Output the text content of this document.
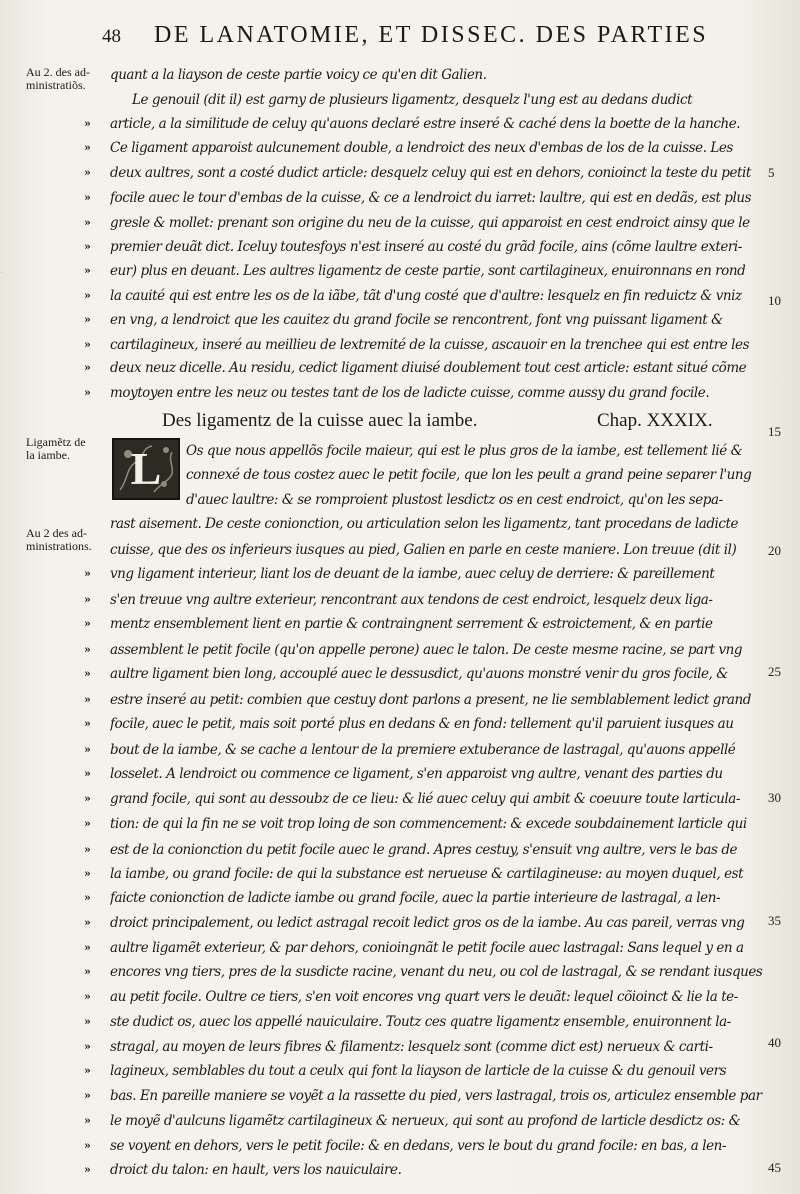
48 DE LANATOMIE, ET DISSEC. DES PARTIES
Au 2. des ad-
ministratiõs.
Ligamẽtz de
la iambe.
Au 2 des ad-
ministrations.
·
»
»
»
»
»
»
»
»
»
»
»
»
»
»
»
»
»
»
»
»
»
»
»
»
»
»
»
»
»
»
»
»
»
»
»
»
»
5
10
15
20
25
30
35
40
45
Des ligamentz de la cuisse auec la iambe.	Chap. XXXIX.
L
quant a la liayson de ceste partie voicy ce qu'en dit Galien.
Le genouil (dit il) est garny de plusieurs ligamentz, desquelz l'ung est au dedans dudict
article, a la similitude de celuy qu'auons declaré estre inseré & caché dens la boette de la hanche.
Ce ligament apparoist aulcunement double, a lendroict des neux d'embas de los de la cuisse. Les
deux aultres, sont a costé dudict article: desquelz celuy qui est en dehors, conioinct la teste du petit
focile auec le tour d'embas de la cuisse, & ce a lendroict du iarret: laultre, qui est en dedãs, est plus
gresle & mollet: prenant son origine du neu de la cuisse, qui apparoist en cest endroict ainsy que le
premier deuãt dict. Iceluy toutesfoys n'est inseré au costé du grãd focile, ains (cõme laultre exteri-
eur) plus en deuant. Les aultres ligamentz de ceste partie, sont cartilagineux, enuironnans en rond
la cauité qui est entre les os de la iãbe, tãt d'ung costé que d'aultre: lesquelz en fin reduictz & vniz
en vng, a lendroict que les cauitez du grand focile se rencontrent, font vng puissant ligament &
cartilagineux, inseré au meillieu de lextremité de la cuisse, ascauoir en la trenchee qui est entre les
deux neuz dicelle. Au residu, cedict ligament diuisé doublement tout cest article: estant situé cõme
moytoyen entre les neuz ou testes tant de los de ladicte cuisse, comme aussy du grand focile.
Os que nous appellõs focile maieur, qui est le plus gros de la iambe, est tellement lié &
connexé de tous costez auec le petit focile, que lon les peult a grand peine separer l'ung
d'auec laultre: & se romproient plustost lesdictz os en cest endroict, qu'on les sepa-
rast aisement. De ceste conionction, ou articulation selon les ligamentz, tant procedans de ladicte
cuisse, que des os inferieurs iusques au pied, Galien en parle en ceste maniere. Lon treuue (dit il)
vng ligament interieur, liant los de deuant de la iambe, auec celuy de derriere: & pareillement
s'en treuue vng aultre exterieur, rencontrant aux tendons de cest endroict, lesquelz deux liga-
mentz ensemblement lient en partie & contraingnent serrement & estroictement, & en partie
assemblent le petit focile (qu'on appelle perone) auec le talon. De ceste mesme racine, se part vng
aultre ligament bien long, accouplé auec le dessusdict, qu'auons monstré venir du gros focile, &
estre inseré au petit: combien que cestuy dont parlons a present, ne lie semblablement ledict grand
focile, auec le petit, mais soit porté plus en dedans & en fond: tellement qu'il paruient iusques au
bout de la iambe, & se cache a lentour de la premiere extuberance de lastragal, qu'auons appellé
losselet. A lendroict ou commence ce ligament, s'en apparoist vng aultre, venant des parties du
grand focile, qui sont au dessoubz de ce lieu: & lié auec celuy qui ambit & coeuure toute larticula-
tion: de qui la fin ne se voit trop loing de son commencement: & excede soubdainement larticle qui
est de la conionction du petit focile auec le grand. Apres cestuy, s'ensuit vng aultre, vers le bas de
la iambe, ou grand focile: de qui la substance est nerueuse & cartilagineuse: au moyen duquel, est
faicte conionction de ladicte iambe ou grand focile, auec la partie interieure de lastragal, a len-
droict principalement, ou ledict astragal recoit ledict gros os de la iambe. Au cas pareil, verras vng
aultre ligamẽt exterieur, & par dehors, conioingnãt le petit focile auec lastragal: Sans lequel y en a
encores vng tiers, pres de la susdicte racine, venant du neu, ou col de lastragal, & se rendant iusques
au petit focile. Oultre ce tiers, s'en voit encores vng quart vers le deuãt: lequel cõioinct & lie la te-
ste dudict os, auec los appellé nauiculaire. Toutz ces quatre ligamentz ensemble, enuironnent la-
stragal, au moyen de leurs fibres & filamentz: lesquelz sont (comme dict est) nerueux & carti-
lagineux, semblables du tout a ceulx qui font la liayson de larticle de la cuisse & du genouil vers
bas. En pareille maniere se voyẽt a la rassette du pied, vers lastragal, trois os, articulez ensemble par
le moyẽ d'aulcuns ligamẽtz cartilagineux & nerueux, qui sont au profond de larticle desdictz os: &
se voyent en dehors, vers le petit focile: & en dedans, vers le bout du grand focile: en bas, a len-
droict du talon: en hault, vers los nauiculaire.
